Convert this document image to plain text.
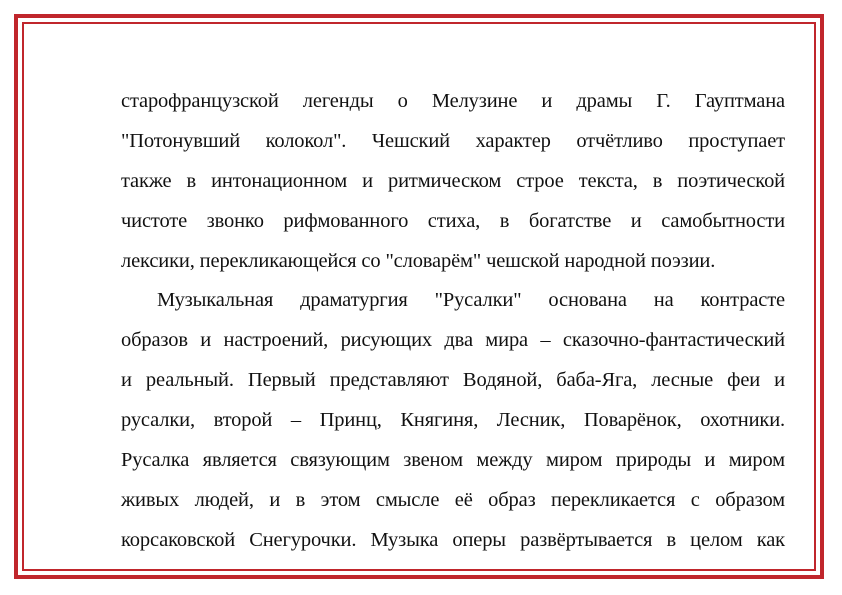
старофранцузской легенды о Мелузине и драмы Г. Гауптмана
"Потонувший колокол". Чешский характер отчётливо проступает
также в интонационном и ритмическом строе текста, в поэтической
чистоте звонко рифмованного стиха, в богатстве и самобытности
лексики, перекликающейся со "словарём" чешской народной поэзии.
Музыкальная драматургия "Русалки" основана на контрасте
образов и настроений, рисующих два мира – сказочно-фантастический
и реальный. Первый представляют Водяной, баба-Яга, лесные феи и
русалки, второй – Принц, Княгиня, Лесник, Поварёнок, охотники.
Русалка является связующим звеном между миром природы и миром
живых людей, и в этом смысле её образ перекликается с образом
корсаковской Снегурочки. Музыка оперы развёртывается в целом как
